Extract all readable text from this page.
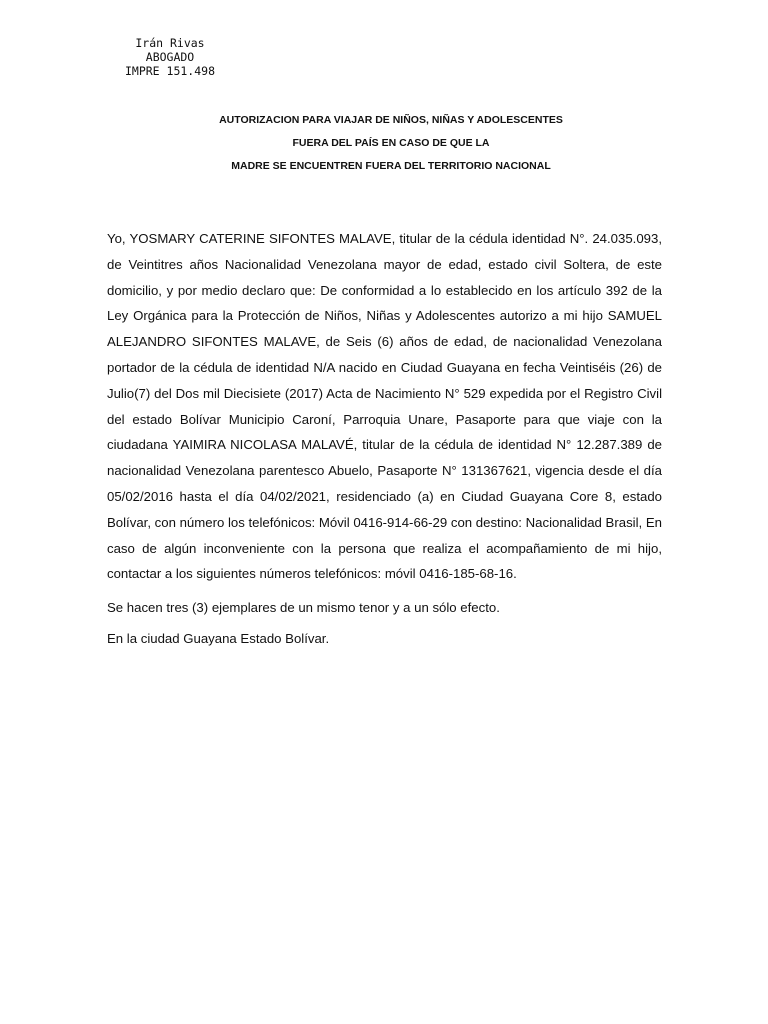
Irán Rivas
ABOGADO
IMPRE 151.498
AUTORIZACION PARA VIAJAR DE NIÑOS, NIÑAS Y ADOLESCENTES
FUERA DEL PAÍS EN CASO DE QUE LA
MADRE SE ENCUENTREN FUERA DEL TERRITORIO NACIONAL

Yo, YOSMARY CATERINE SIFONTES MALAVE, titular de la cédula identidad N°. 24.035.093, de Veintitres años Nacionalidad Venezolana mayor de edad, estado civil Soltera, de este domicilio, y por medio declaro que: De conformidad a lo establecido en los artículo 392 de la Ley Orgánica para la Protección de Niños, Niñas y Adolescentes autorizo a mi hijo SAMUEL ALEJANDRO SIFONTES MALAVE, de Seis (6) años de edad, de nacionalidad Venezolana portador de la cédula de identidad N/A nacido en Ciudad Guayana en fecha Veintiséis (26) de Julio(7) del Dos mil Diecisiete (2017) Acta de Nacimiento N° 529 expedida por el Registro Civil del estado Bolívar Municipio Caroní, Parroquia Unare, Pasaporte para que viaje con la ciudadana YAIMIRA NICOLASA MALAVÉ, titular de la cédula de identidad N° 12.287.389 de nacionalidad Venezolana parentesco Abuelo, Pasaporte N° 131367621, vigencia desde el día 05/02/2016 hasta el día 04/02/2021, residenciado (a) en Ciudad Guayana Core 8, estado Bolívar, con número los telefónicos: Móvil 0416-914-66-29 con destino: Nacionalidad Brasil, En caso de algún inconveniente con la persona que realiza el acompañamiento de mi hijo, contactar a los siguientes números telefónicos: móvil 0416-185-68-16.

Se hacen tres (3) ejemplares de un mismo tenor y a un sólo efecto.

En la ciudad Guayana Estado Bolívar.
